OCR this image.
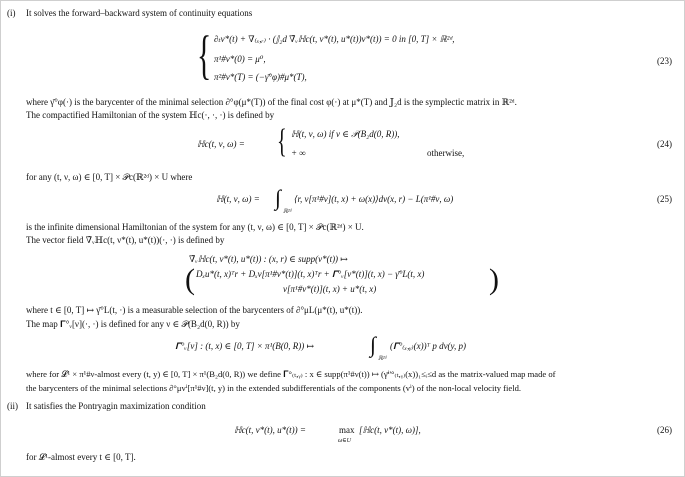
(i) It solves the forward–backward system of continuity equations
{ ∂ₜν*(t) + ∇₍ₓ,ᵣ₎ · (𝕁₂d ∇̃ᵥℍc(t, ν*(t), u*(t))ν*(t)) = 0 in [0, T] × ℝ²ᵈ,
π¹#ν*(0) = μ⁰,
π²#ν*(T) = (−γ̄°φ)#μ*(T),
(23)
where γ̄°φ(·) is the barycenter of the minimal selection ∂°φ(μ*(T)) of the final cost φ(·) at μ*(T) and 𝕁₂d is the symplectic matrix in ℝ²ᵈ.
The compactified Hamiltonian of the system ℍc(·, ·, ·) is defined by
ℍc(t, ν, ω) = { ℍ(t, ν, ω) if ν ∈ 𝒫(B₂d(0, R)),
+ ∞	otherwise,
(24)
for any (t, ν, ω) ∈ [0, T] × 𝒫c(ℝ²ᵈ) × U where
ℍ(t, ν, ω) = ∫
ℝ²ᵈ
⟨r, v[π¹#ν](t, x) + ω(x)⟩dν(x, r) − L(π¹#ν, ω)	(25)
is the infinite dimensional Hamiltonian of the system for any (t, ν, ω) ∈ [0, T] × 𝒫c(ℝ²ᵈ) × U.
The vector field ∇̃ᵥℍc(t, ν*(t), u*(t))(·, ·) is defined by
∇̃ᵥℍc(t, ν*(t), u*(t)) : (x, r) ∈ supp(ν*(t)) ↦
( Dₓu*(t, x)ᵀr + Dₓv[π¹#ν*(t)](t, x)ᵀr + 𝚪°ᵥ[ν*(t)](t, x) − γ̄°L(t, x)
v[π¹#ν*(t)](t, x) + u*(t, x)	)
where t ∈ [0, T] ↦ γ̄°L(t, ·) is a measurable selection of the barycenters of ∂°μL(μ*(t), u*(t)).
The map 𝚪°ᵥ[ν](·, ·) is defined for any ν ∈ 𝒫(B₂d(0, R)) by
𝚪°ᵥ[ν] : (t, x) ∈ [0, T] × π¹(B(0, R)) ↦	∫
ℝ²ᵈ
(𝚪°₍ₓ,ᵧ₎(x))ᵀ p dν(y, p)
where for 𝓛¹ × π¹#ν-almost every (t, y) ∈ [0, T] × π¹(B₂d(0, R)) we define 𝚪°₍ₜ,ᵧ₎ : x ∈ supp(π¹#ν(t)) ↦ (γ̄ⁱ'°₍ₜ,ᵧ₎(x))₁≤ᵢ≤d as the matrix-valued map made of
the barycenters of the minimal selections ∂°μvⁱ[π¹#ν](t, y) in the extended subdifferentials of the components (vⁱ) of the non-local velocity field.
(ii) It satisfies the Pontryagin maximization condition
ℍc(t, ν*(t), u*(t)) =	max
ω∈U
[ℍc(t, ν*(t), ω)],	(26)
for 𝓛¹-almost every t ∈ [0, T].
